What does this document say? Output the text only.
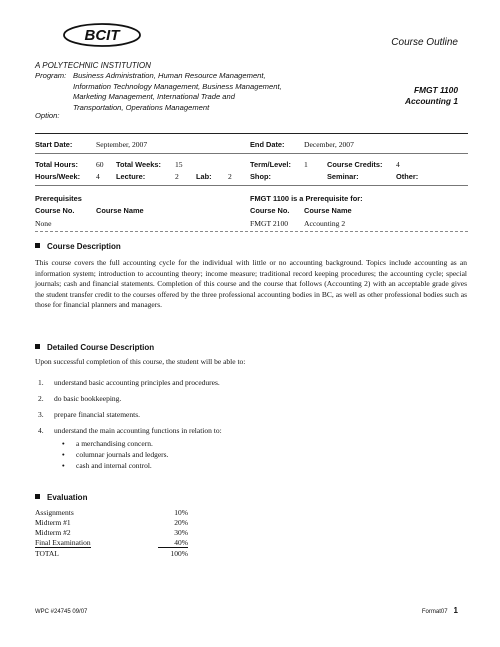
BCIT	Course Outline
A POLYTECHNIC INSTITUTION
Program: Business Administration, Human Resource Management,
Information Technology Management, Business Management,
Marketing Management, International Trade and
Transportation, Operations Management
Option:
FMGT 1100
Accounting 1
Start Date:	September, 2007	End Date:	December, 2007
Total Hours: 60 Total Weeks: 15	Term/Level: 1	Course Credits: 4
Hours/Week: 4 Lecture:	2 Lab: 2 Shop:	Seminar:	Other:
Prerequisites
Course No.	Course Name
None
FMGT 1100 is a Prerequisite for:
Course No. Course Name
FMGT 2100 Accounting 2
Course Description
This course covers the full accounting cycle for the individual with little or no accounting background. Topics include accounting as an information system; introduction to accounting theory; income measure; traditional record keeping procedures; the accounting cycle; special journals; cash and financial statements. Completion of this course and the course that follows (Accounting 2) with an acceptable grade gives the student transfer credit to the courses offered by the three professional accounting bodies in BC, as well as other professional bodies such as those for financial planners and managers.
Detailed Course Description
Upon successful completion of this course, the student will be able to:
1. understand basic accounting principles and procedures.
2. do basic bookkeeping.
3. prepare financial statements.
4. understand the main accounting functions in relation to:
• a merchandising concern.
• columnar journals and ledgers.
• cash and internal control.
Evaluation
Assignments	10%
Midterm #1	20%
Midterm #2	30%
Final Examination	40%
TOTAL	100%
WPC #24745 09/07	Format07 1
